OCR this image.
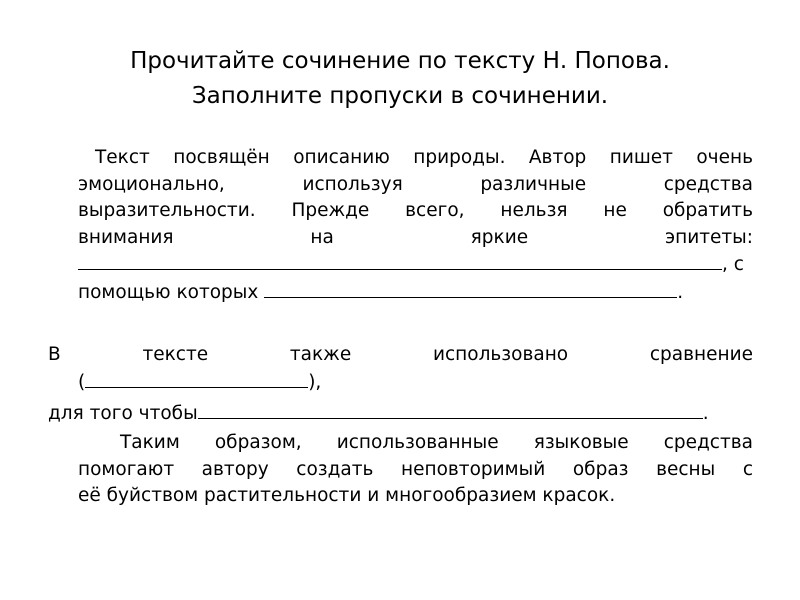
Прочитайте сочинение по тексту Н. Попова.
Заполните пропуски в сочинении.
Текст посвящён описанию природы. Автор пишет очень
эмоционально, используя различные средства
выразительности. Прежде всего, нельзя не обратить
внимания на яркие эпитеты:
, с
помощью которых	.
В тексте также использовано сравнение
(	),
для того чтобы	.
Таким образом, использованные языковые средства
помогают автору создать неповторимый образ весны с
её буйством растительности и многообразием красок.
